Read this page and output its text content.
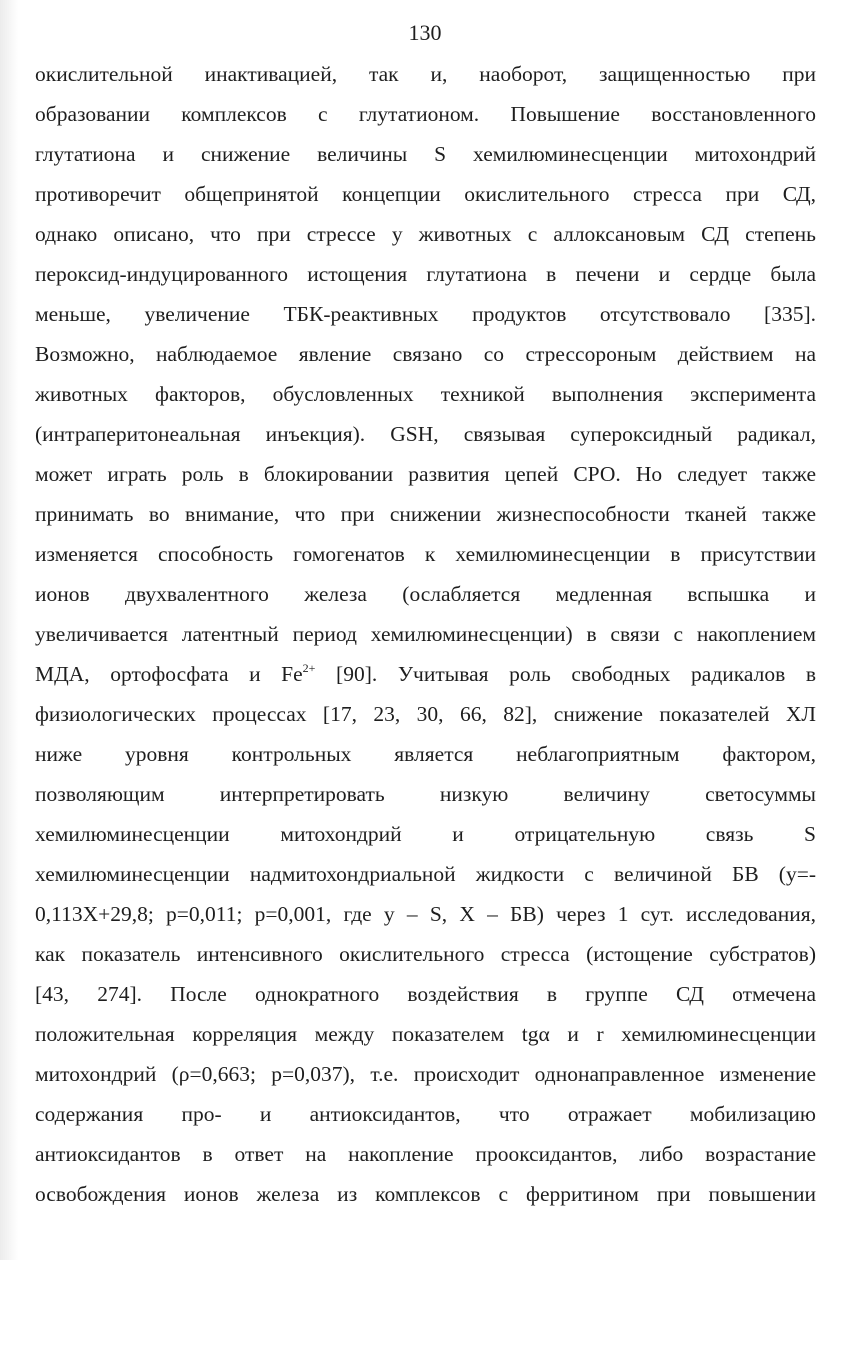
130
окислительной инактивацией, так и, наоборот, защищенностью при
образовании комплексов с глутатионом. Повышение восстановленного
глутатиона и снижение величины S хемилюминесценции митохондрий
противоречит общепринятой концепции окислительного стресса при СД,
однако описано, что при стрессе у животных с аллоксановым СД степень
пероксид-индуцированного истощения глутатиона в печени и сердце была
меньше, увеличение ТБК-реактивных продуктов отсутствовало [335].
Возможно, наблюдаемое явление связано со стрессороным действием на
животных факторов, обусловленных техникой выполнения эксперимента
(интраперитонеальная инъекция). GSH, связывая супероксидный радикал,
может играть роль в блокировании развития цепей СРО. Но следует также
принимать во внимание, что при снижении жизнеспособности тканей также
изменяется способность гомогенатов к хемилюминесценции в присутствии
ионов двухвалентного железа (ослабляется медленная вспышка и
увеличивается латентный период хемилюминесценции) в связи с накоплением
МДА, ортофосфата и $Fe^{2+}$ [90]. Учитывая роль свободных радикалов в
физиологических процессах [17, 23, 30, 66, 82], снижение показателей ХЛ
ниже уровня контрольных является неблагоприятным фактором,
позволяющим интерпретировать низкую величину светосуммы
хемилюминесценции митохондрий и отрицательную связь S
хемилюминесценции надмитохондриальной жидкости с величиной БВ (y=-
0,113X+29,8; p=0,011; p=0,001, где y – S, X – БВ) через 1 сут. исследования,
как показатель интенсивного окислительного стресса (истощение субстратов)
[43, 274]. После однократного воздействия в группе СД отмечена
положительная корреляция между показателем tgα и r хемилюминесценции
митохондрий (ρ=0,663; p=0,037), т.е. происходит однонаправленное изменение
содержания про- и антиоксидантов, что отражает мобилизацию
антиоксидантов в ответ на накопление прооксидантов, либо возрастание
освобождения ионов железа из комплексов с ферритином при повышении
